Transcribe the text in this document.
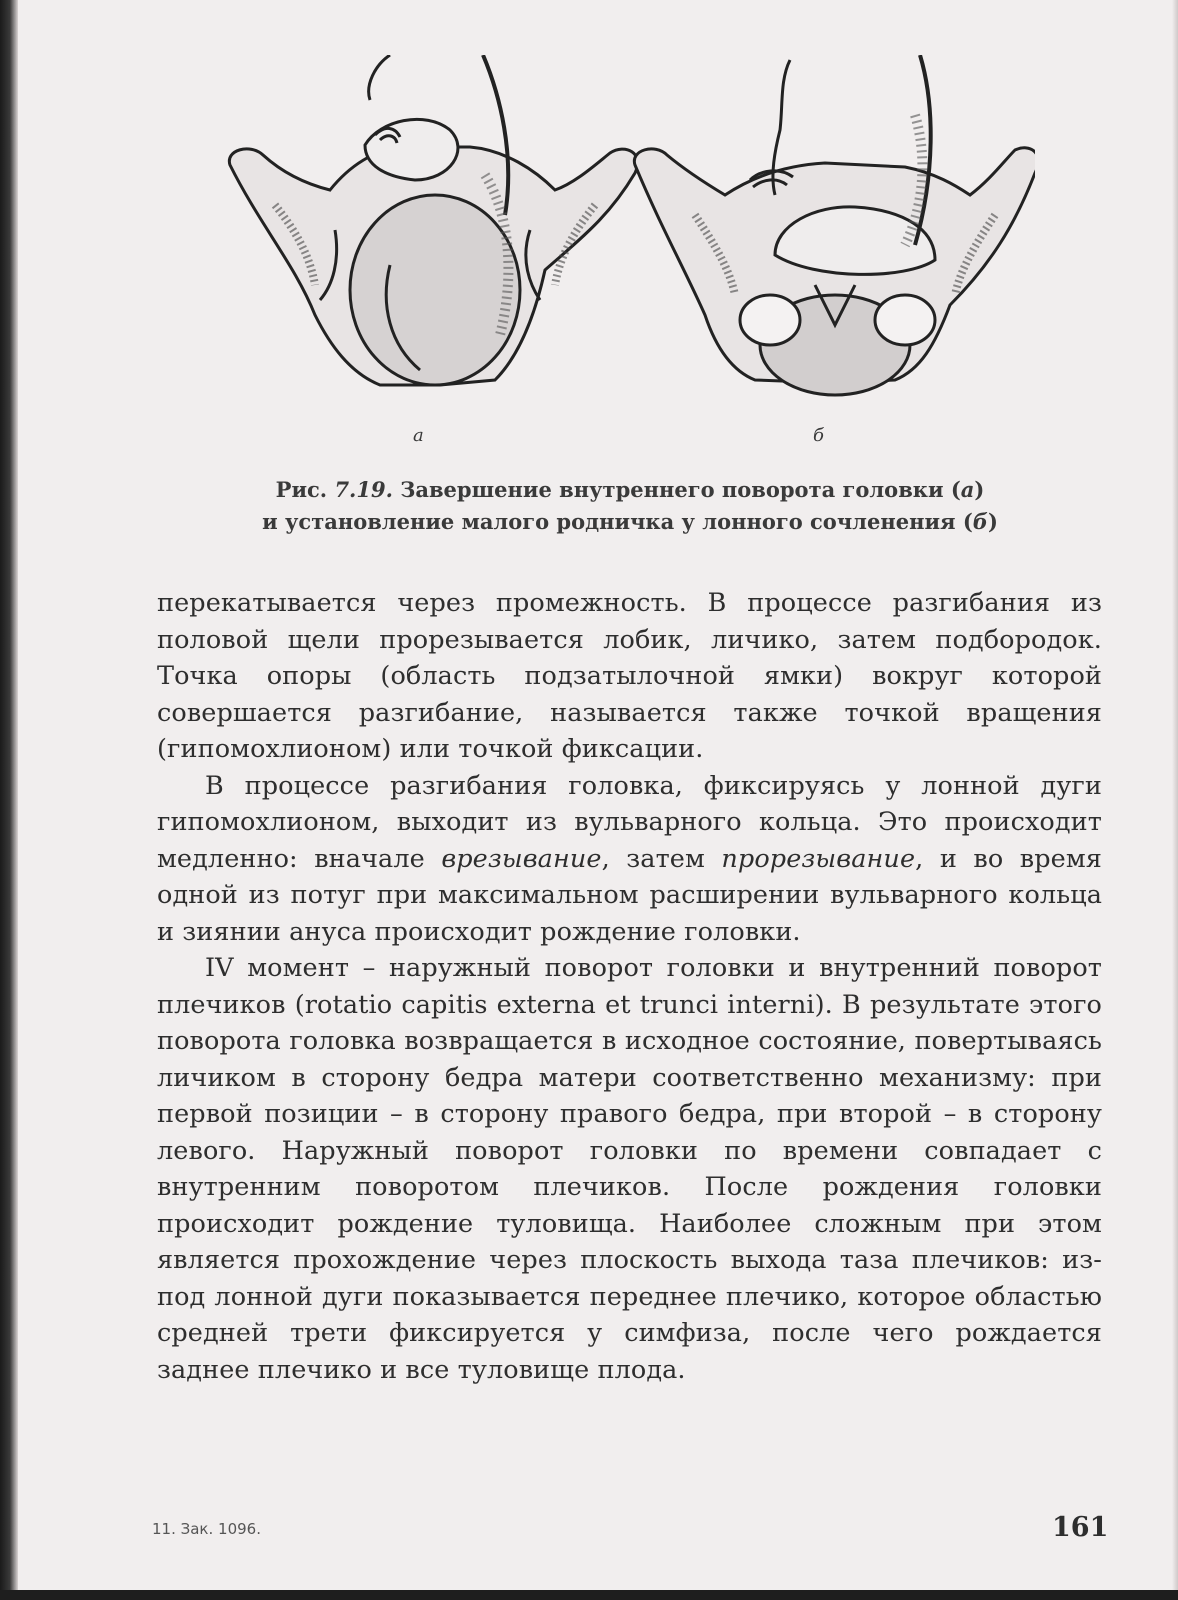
а	б
Рис. 7.19. Завершение внутреннего поворота головки (а)
и установление малого родничка у лонного сочленения (б)

перекатывается через промежность. В процессе разгибания из половой щели прорезывается лобик, личико, затем подбородок. Точка опоры (область подзатылочной ямки) вокруг которой совершается разгибание, называется также точкой вращения (гипомохлионом) или точкой фиксации.

В процессе разгибания головка, фиксируясь у лонной дуги гипомохлионом, выходит из вульварного кольца. Это происходит медленно: вначале врезывание, затем прорезывание, и во время одной из потуг при максимальном расширении вульварного кольца и зиянии ануса происходит рождение головки.

IV момент – наружный поворот головки и внутренний поворот плечиков (rotatio capitis externa et trunci interni). В результате этого поворота головка возвращается в исходное состояние, повертываясь личиком в сторону бедра матери соответственно механизму: при первой позиции – в сторону правого бедра, при второй – в сторону левого. Наружный поворот головки по времени совпадает с внутренним поворотом плечиков. После рождения головки происходит рождение туловища. Наиболее сложным при этом является прохождение через плоскость выхода таза плечиков: из-под лонной дуги показывается переднее плечико, которое областью средней трети фиксируется у симфиза, после чего рождается заднее плечико и все туловище плода.

11. Зак. 1096.	161
